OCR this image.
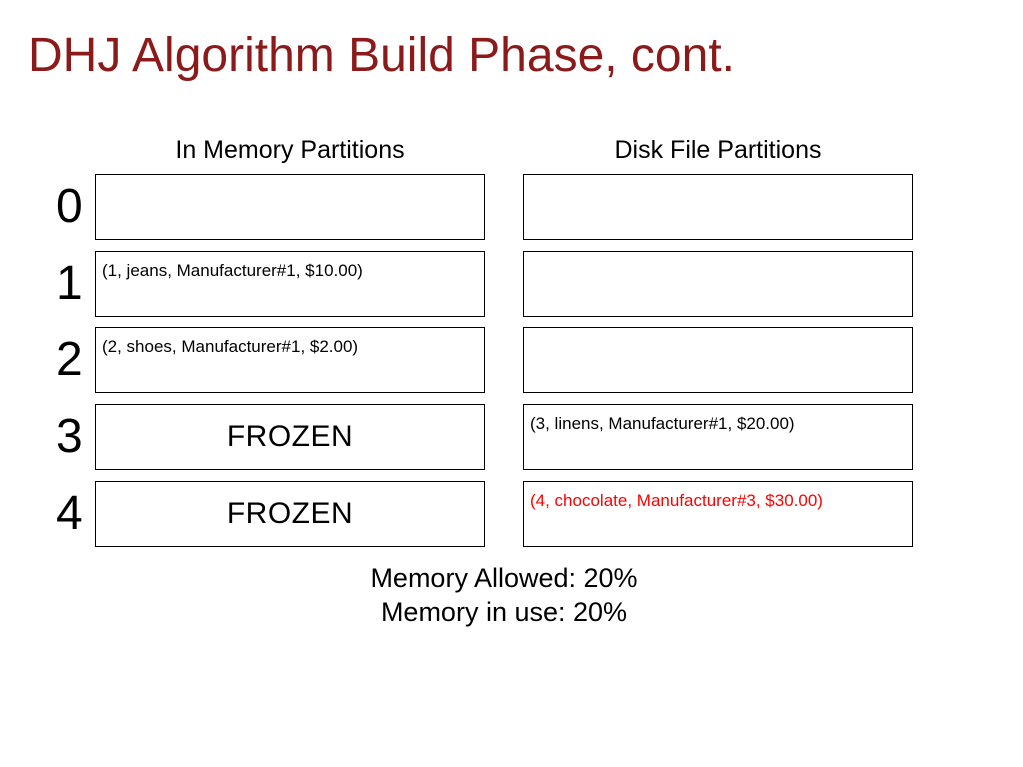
DHJ Algorithm Build Phase, cont.
In Memory Partitions	Disk File Partitions
0
1	(1, jeans, Manufacturer#1, $10.00)
2	(2, shoes, Manufacturer#1, $2.00)
3	FROZEN	(3, linens, Manufacturer#1, $20.00)
4	FROZEN	(4, chocolate, Manufacturer#3, $30.00)
Memory Allowed: 20%
Memory in use: 20%
